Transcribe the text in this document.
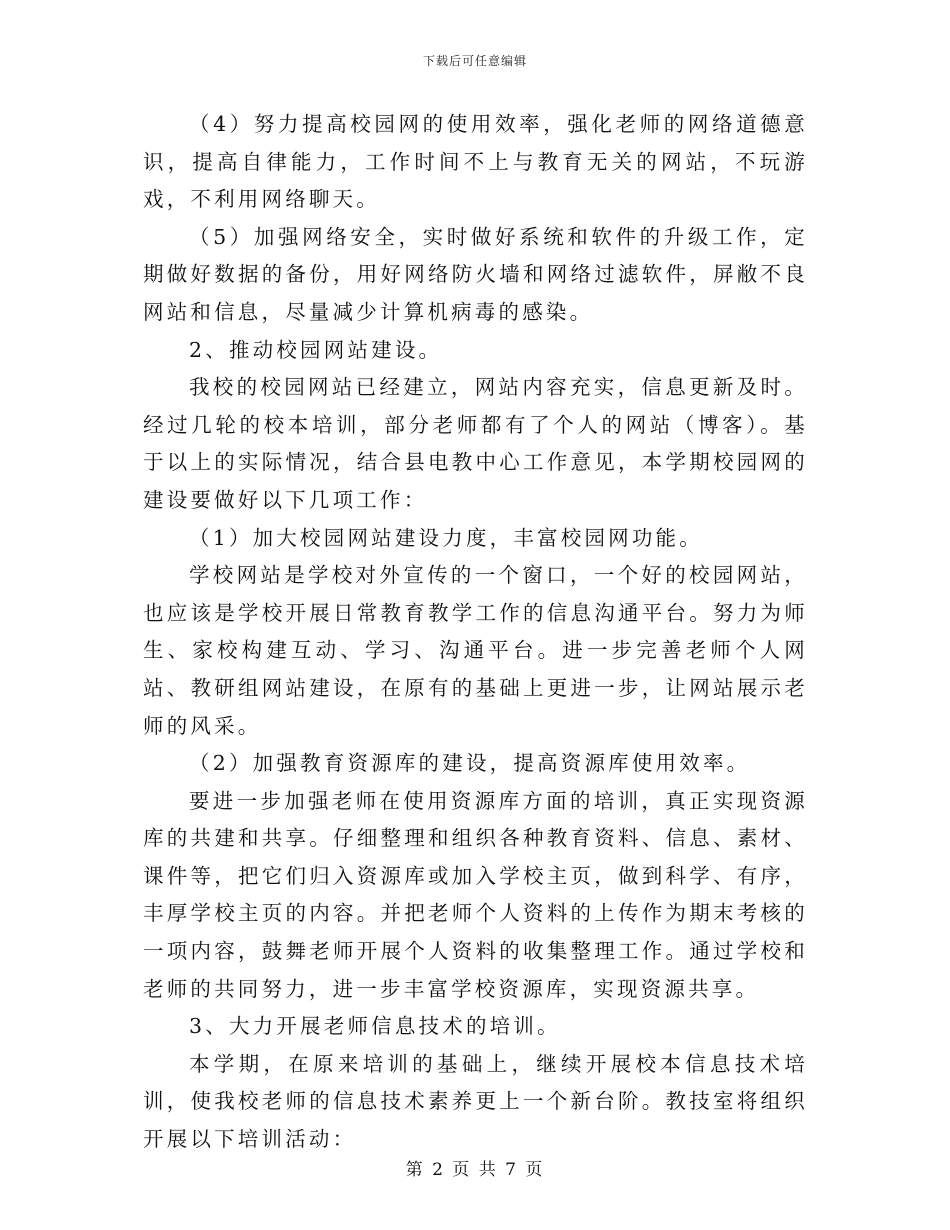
下载后可任意编辑

（4）努力提高校园网的使用效率，强化老师的网络道德意识，提高自律能力，工作时间不上与教育无关的网站，不玩游戏，不利用网络聊天。

（5）加强网络安全，实时做好系统和软件的升级工作，定期做好数据的备份，用好网络防火墙和网络过滤软件，屏敝不良网站和信息，尽量减少计算机病毒的感染。

2、推动校园网站建设。

我校的校园网站已经建立，网站内容充实，信息更新及时。经过几轮的校本培训，部分老师都有了个人的网站（博客）。基于以上的实际情况，结合县电教中心工作意见，本学期校园网的建设要做好以下几项工作：

（1）加大校园网站建设力度，丰富校园网功能。

学校网站是学校对外宣传的一个窗口，一个好的校园网站，也应该是学校开展日常教育教学工作的信息沟通平台。努力为师生、家校构建互动、学习、沟通平台。进一步完善老师个人网站、教研组网站建设，在原有的基础上更进一步，让网站展示老师的风采。

（2）加强教育资源库的建设，提高资源库使用效率。

要进一步加强老师在使用资源库方面的培训，真正实现资源库的共建和共享。仔细整理和组织各种教育资料、信息、素材、课件等，把它们归入资源库或加入学校主页，做到科学、有序，丰厚学校主页的内容。并把老师个人资料的上传作为期末考核的一项内容，鼓舞老师开展个人资料的收集整理工作。通过学校和老师的共同努力，进一步丰富学校资源库，实现资源共享。

3、大力开展老师信息技术的培训。

本学期，在原来培训的基础上，继续开展校本信息技术培训，使我校老师的信息技术素养更上一个新台阶。教技室将组织开展以下培训活动：

第 2 页 共 7 页
